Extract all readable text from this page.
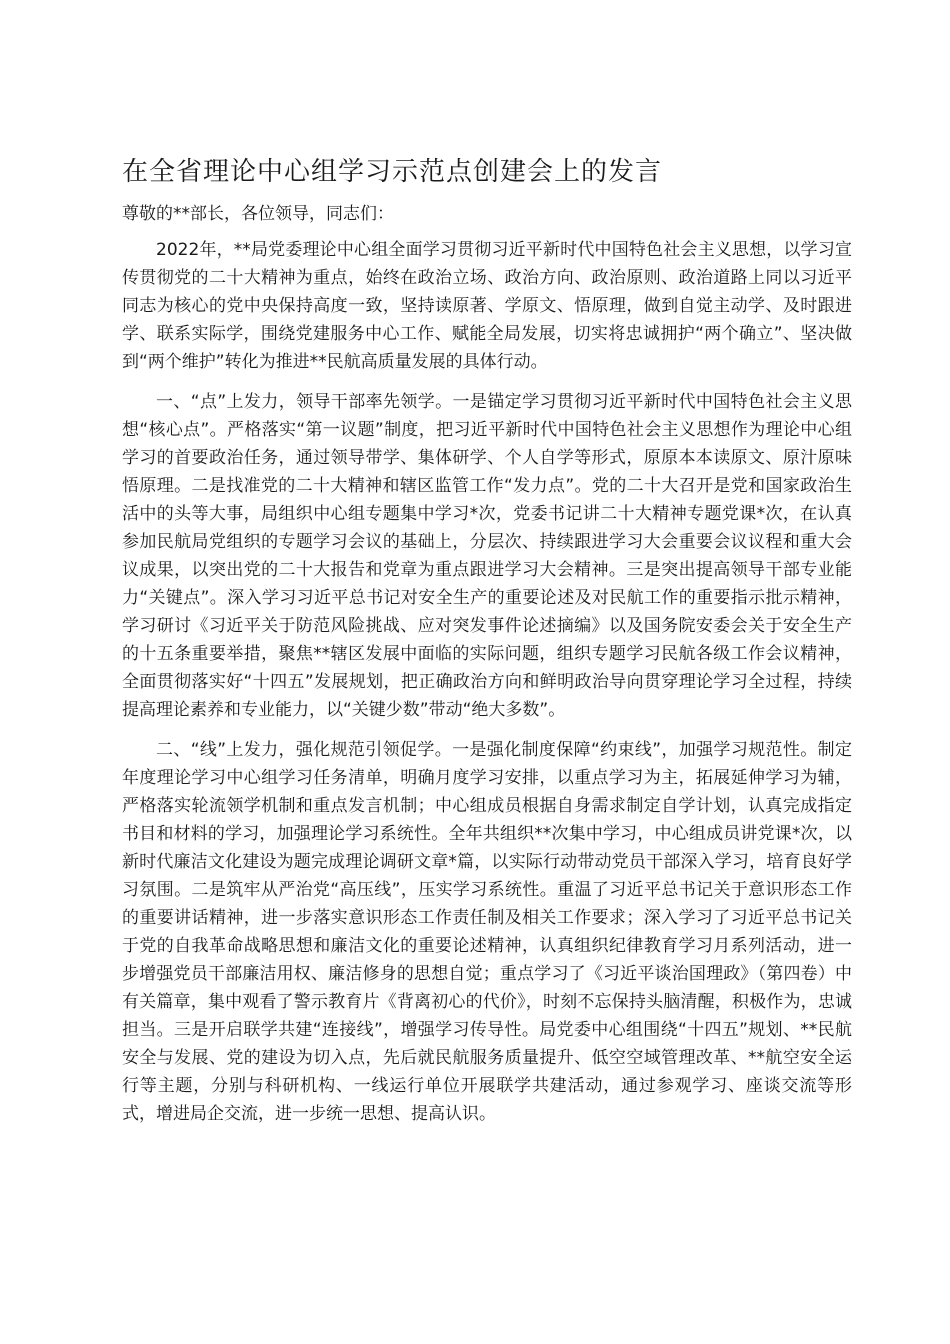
在全省理论中心组学习示范点创建会上的发言

尊敬的**部长，各位领导，同志们：

2022年，**局党委理论中心组全面学习贯彻习近平新时代中国特色社会主义思想，以学习宣传贯彻党的二十大精神为重点，始终在政治立场、政治方向、政治原则、政治道路上同以习近平同志为核心的党中央保持高度一致，坚持读原著、学原文、悟原理，做到自觉主动学、及时跟进学、联系实际学，围绕党建服务中心工作、赋能全局发展，切实将忠诚拥护“两个确立”、坚决做到“两个维护”转化为推进**民航高质量发展的具体行动。

一、“点”上发力，领导干部率先领学。一是锚定学习贯彻习近平新时代中国特色社会主义思想“核心点”。严格落实“第一议题”制度，把习近平新时代中国特色社会主义思想作为理论中心组学习的首要政治任务，通过领导带学、集体研学、个人自学等形式，原原本本读原文、原汁原味悟原理。二是找准党的二十大精神和辖区监管工作“发力点”。党的二十大召开是党和国家政治生活中的头等大事，局组织中心组专题集中学习*次，党委书记讲二十大精神专题党课*次，在认真参加民航局党组织的专题学习会议的基础上，分层次、持续跟进学习大会重要会议议程和重大会议成果，以突出党的二十大报告和党章为重点跟进学习大会精神。三是突出提高领导干部专业能力“关键点”。深入学习习近平总书记对安全生产的重要论述及对民航工作的重要指示批示精神，学习研讨《习近平关于防范风险挑战、应对突发事件论述摘编》以及国务院安委会关于安全生产的十五条重要举措，聚焦**辖区发展中面临的实际问题，组织专题学习民航各级工作会议精神，全面贯彻落实好“十四五”发展规划，把正确政治方向和鲜明政治导向贯穿理论学习全过程，持续提高理论素养和专业能力，以“关键少数”带动“绝大多数”。

二、“线”上发力，强化规范引领促学。一是强化制度保障“约束线”，加强学习规范性。制定年度理论学习中心组学习任务清单，明确月度学习安排，以重点学习为主，拓展延伸学习为辅，严格落实轮流领学机制和重点发言机制；中心组成员根据自身需求制定自学计划，认真完成指定书目和材料的学习，加强理论学习系统性。全年共组织**次集中学习，中心组成员讲党课*次，以新时代廉洁文化建设为题完成理论调研文章*篇，以实际行动带动党员干部深入学习，培育良好学习氛围。二是筑牢从严治党“高压线”，压实学习系统性。重温了习近平总书记关于意识形态工作的重要讲话精神，进一步落实意识形态工作责任制及相关工作要求；深入学习了习近平总书记关于党的自我革命战略思想和廉洁文化的重要论述精神，认真组织纪律教育学习月系列活动，进一步增强党员干部廉洁用权、廉洁修身的思想自觉；重点学习了《习近平谈治国理政》（第四卷）中有关篇章，集中观看了警示教育片《背离初心的代价》，时刻不忘保持头脑清醒，积极作为，忠诚担当。三是开启联学共建“连接线”，增强学习传导性。局党委中心组围绕“十四五”规划、**民航安全与发展、党的建设为切入点，先后就民航服务质量提升、低空空域管理改革、**航空安全运行等主题，分别与科研机构、一线运行单位开展联学共建活动，通过参观学习、座谈交流等形式，增进局企交流，进一步统一思想、提高认识。
